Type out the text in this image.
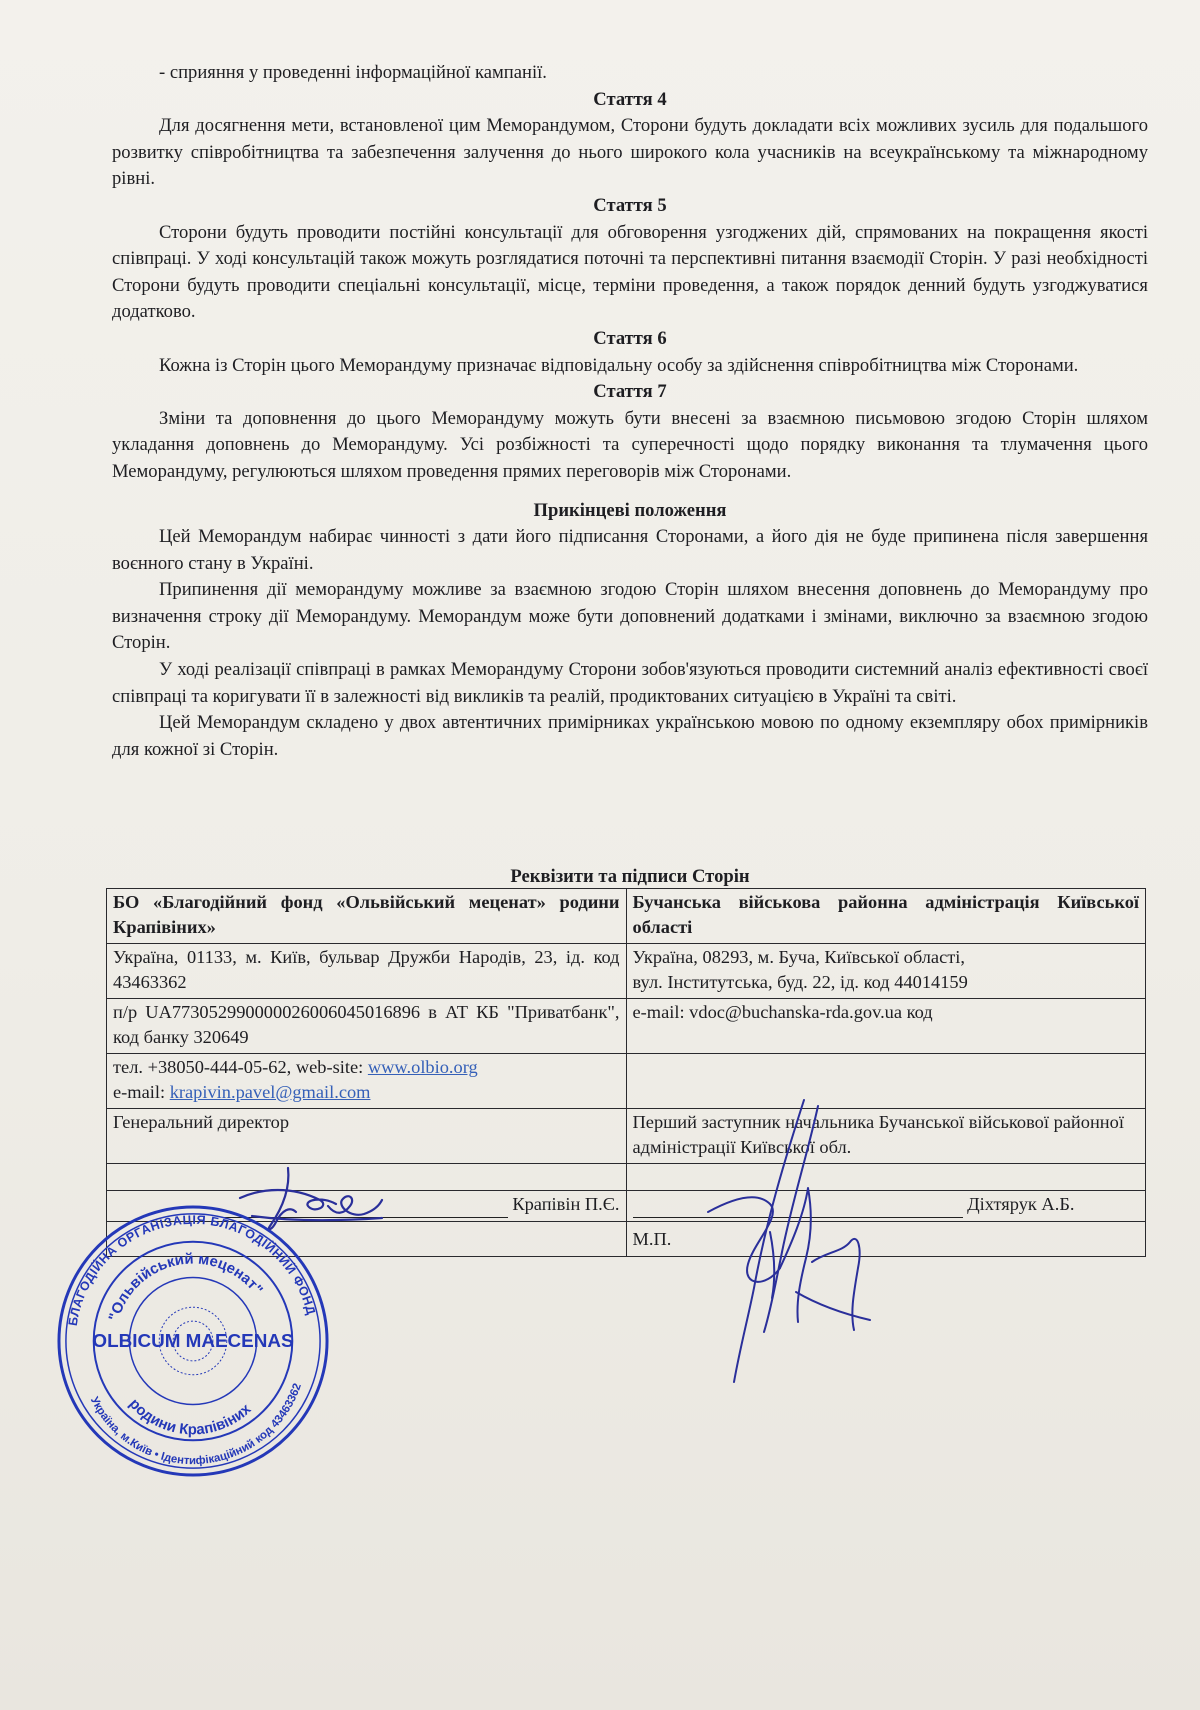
- сприяння у проведенні інформаційної кампанії.

Стаття 4

Для досягнення мети, встановленої цим Меморандумом, Сторони будуть докладати всіх можливих зусиль для подальшого розвитку співробітництва та забезпечення залучення до нього широкого кола учасників на всеукраїнському та міжнародному рівні.

Стаття 5

Сторони будуть проводити постійні консультації для обговорення узгоджених дій, спрямованих на покращення якості співпраці. У ході консультацій також можуть розглядатися поточні та перспективні питання взаємодії Сторін. У разі необхідності Сторони будуть проводити спеціальні консультації, місце, терміни проведення, а також порядок денний будуть узгоджуватися додатково.

Стаття 6

Кожна із Сторін цього Меморандуму призначає відповідальну особу за здійснення співробітництва між Сторонами.

Стаття 7

Зміни та доповнення до цього Меморандуму можуть бути внесені за взаємною письмовою згодою Сторін шляхом укладання доповнень до Меморандуму. Усі розбіжності та суперечності щодо порядку виконання та тлумачення цього Меморандуму, регулюються шляхом проведення прямих переговорів між Сторонами.

Прикінцеві положення

Цей Меморандум набирає чинності з дати його підписання Сторонами, а його дія не буде припинена після завершення воєнного стану в Україні.

Припинення дії меморандуму можливе за взаємною згодою Сторін шляхом внесення доповнень до Меморандуму про визначення строку дії Меморандуму. Меморандум може бути доповнений додатками і змінами, виключно за взаємною згодою Сторін.

У ході реалізації співпраці в рамках Меморандуму Сторони зобов'язуються проводити системний аналіз ефективності своєї співпраці та коригувати її в залежності від викликів та реалій, продиктованих ситуацією в Україні та світі.

Цей Меморандум складено у двох автентичних примірниках українською мовою по одному екземпляру обох примірників для кожної зі Сторін.

Реквізити та підписи Сторін
БО «Благодійний фонд «Ольвійський меценат» родини Крапівіних»	Бучанська військова районна адміністрація Київської області
Україна, 01133, м. Київ, бульвар Дружби Народів, 23, ід. код 43463362	Україна, 08293, м. Буча, Київської області,
вул. Інститутська, буд. 22, ід. код 44014159

п/р UA773052990000026006045016896 в АТ КБ "Приватбанк", код банку 320649	e-mail: vdoc@buchanska-rda.gov.ua код

тел. +38050-444-05-62, web-site: www.olbio.org
e-mail: krapivin.pavel@gmail.com	

Генеральний директор	Перший заступник начальника Бучанської військової районної адміністрації Київської обл.

Крапівін П.Є.	Діхтярук А.Б.

	М.П.
БЛАГОДІЙНА ОРГАНІЗАЦІЯ БЛАГОДІЙНИЙ ФОНД
Україна, м.Київ • Ідентифікаційний код 43463362
"Ольвійський меценат"
родини Крапівіних
OLBICUM MAECENAS
